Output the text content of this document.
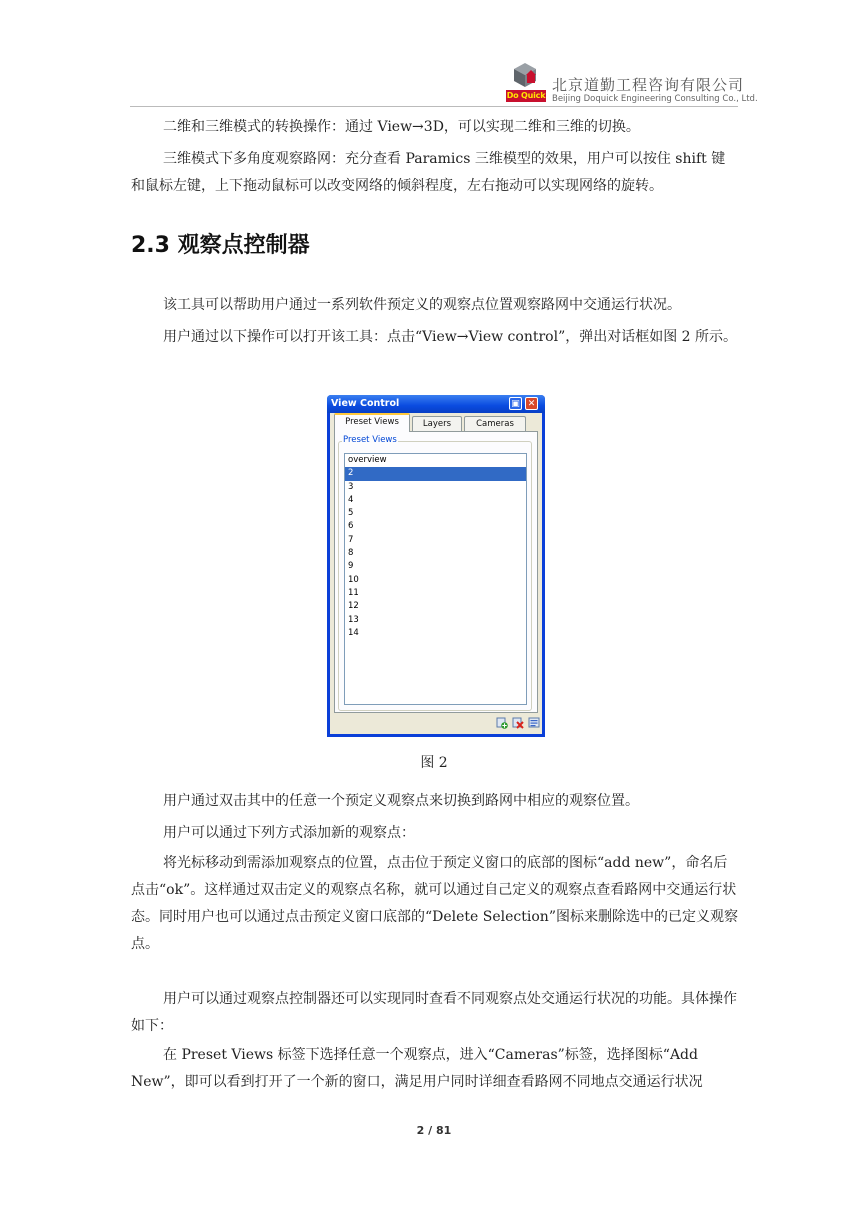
Do Quick
北京道勤工程咨询有限公司
Beijing Doquick Engineering Consulting Co., Ltd.

二维和三维模式的转换操作：通过 View→3D，可以实现二维和三维的切换。

三维模式下多角度观察路网：充分查看 Paramics 三维模型的效果，用户可以按住 shift 键和鼠标左键，上下拖动鼠标可以改变网络的倾斜程度，左右拖动可以实现网络的旋转。

2.3 观察点控制器

该工具可以帮助用户通过一系列软件预定义的观察点位置观察路网中交通运行状况。

用户通过以下操作可以打开该工具：点击“View→View control”，弹出对话框如图 2 所示。

View Control	▣ ✕
Preset Views	Layers	Cameras
Preset Views
overview
2
3
4
5
6
7
8
9
10
11
12
13
14
图 2

用户通过双击其中的任意一个预定义观察点来切换到路网中相应的观察位置。

用户可以通过下列方式添加新的观察点：

将光标移动到需添加观察点的位置，点击位于预定义窗口的底部的图标“add new”，命名后点击“ok”。这样通过双击定义的观察点名称，就可以通过自己定义的观察点查看路网中交通运行状态。同时用户也可以通过点击预定义窗口底部的“Delete Selection”图标来删除选中的已定义观察点。

用户可以通过观察点控制器还可以实现同时查看不同观察点处交通运行状况的功能。具体操作如下：

在 Preset Views 标签下选择任意一个观察点，进入“Cameras”标签，选择图标“Add New”，即可以看到打开了一个新的窗口，满足用户同时详细查看路网不同地点交通运行状况

2 / 81
